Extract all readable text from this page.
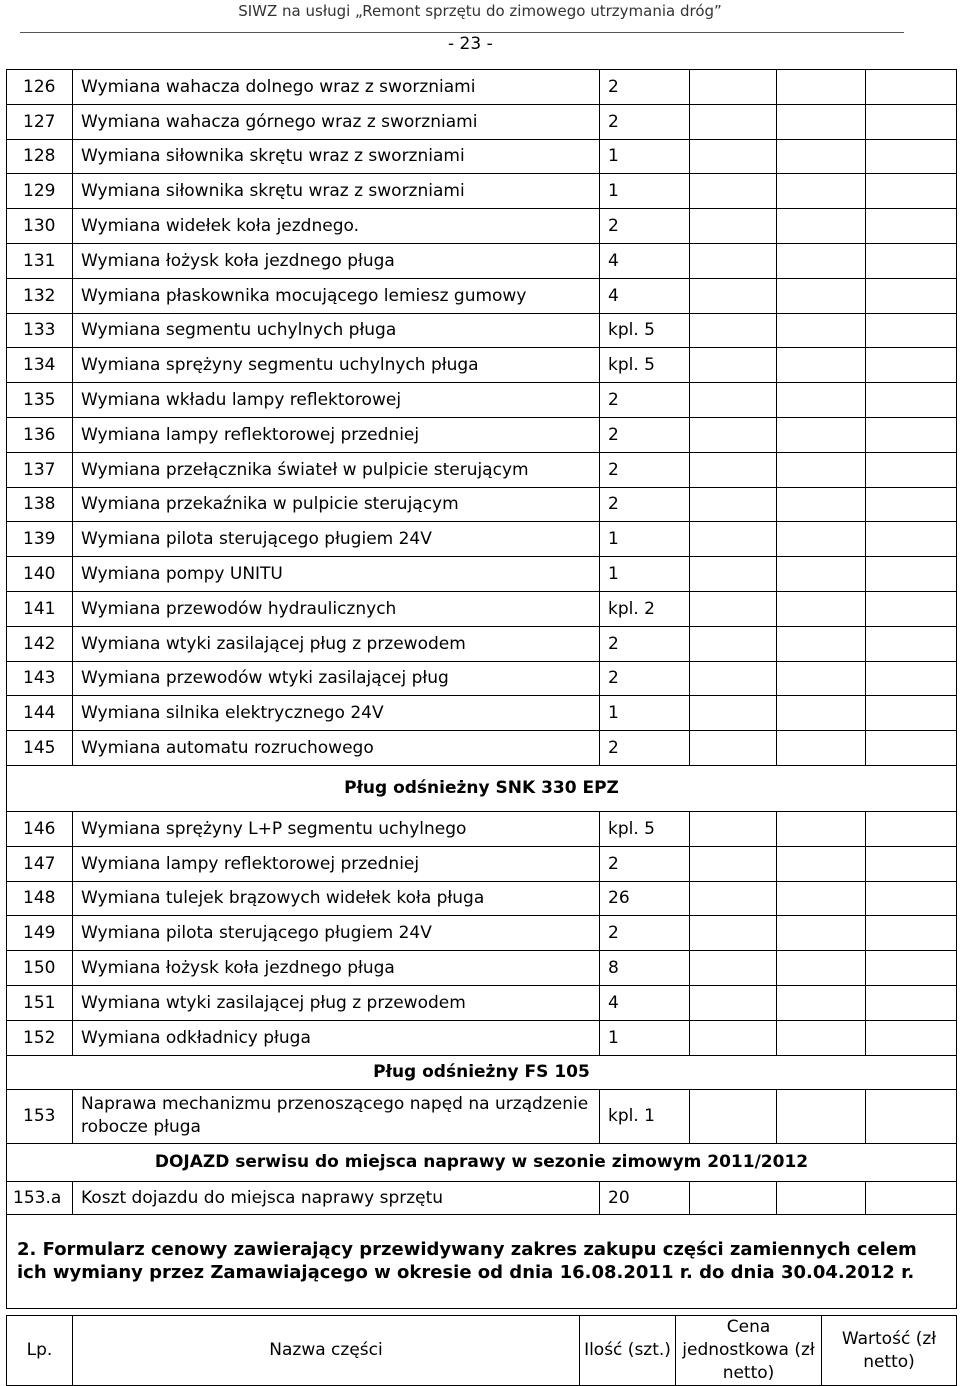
SIWZ na usługi „Remont sprzętu do zimowego utrzymania dróg”
- 23 -
126	Wymiana wahacza dolnego wraz z sworzniami	2			
127	Wymiana wahacza górnego wraz z sworzniami	2			
128	Wymiana siłownika skrętu wraz z sworzniami	1			
129	Wymiana siłownika skrętu wraz z sworzniami	1			
130	Wymiana widełek koła jezdnego.	2			
131	Wymiana łożysk koła jezdnego pługa	4			
132	Wymiana płaskownika mocującego lemiesz gumowy	4			
133	Wymiana segmentu uchylnych pługa	kpl. 5			
134	Wymiana sprężyny segmentu uchylnych pługa	kpl. 5			
135	Wymiana wkładu lampy reflektorowej	2			
136	Wymiana lampy reflektorowej przedniej	2			
137	Wymiana przełącznika świateł w pulpicie sterującym	2			
138	Wymiana przekaźnika w pulpicie sterującym	2			
139	Wymiana pilota sterującego pługiem 24V	1			
140	Wymiana pompy UNITU	1			
141	Wymiana przewodów hydraulicznych	kpl. 2			
142	Wymiana wtyki zasilającej pług z przewodem	2			
143	Wymiana przewodów wtyki zasilającej pług	2			
144	Wymiana silnika elektrycznego 24V	1			
145	Wymiana automatu rozruchowego	2			
Pług odśnieżny SNK 330 EPZ					
146	Wymiana sprężyny L+P segmentu uchylnego	kpl. 5			
147	Wymiana lampy reflektorowej przedniej	2			
148	Wymiana tulejek brązowych widełek koła pługa	26			
149	Wymiana pilota sterującego pługiem 24V	2			
150	Wymiana łożysk koła jezdnego pługa	8			
151	Wymiana wtyki zasilającej pług z przewodem	4			
152	Wymiana odkładnicy pługa	1			
Pług odśnieżny FS 105					
153	Naprawa mechanizmu przenoszącego napęd na urządzenie robocze pługa	kpl. 1			
DOJAZD serwisu do miejsca naprawy w sezonie zimowym 2011/2012					
153.a	Koszt dojazdu do miejsca naprawy sprzętu	20			
2. Formularz cenowy zawierający przewidywany zakres zakupu części zamiennych celem ich wymiany przez Zamawiającego w okresie od dnia 16.08.2011 r. do dnia 30.04.2012 r.					
Lp.	Nazwa części	Ilość (szt.)	Cena jednostkowa (zł netto)	Wartość (zł netto)
